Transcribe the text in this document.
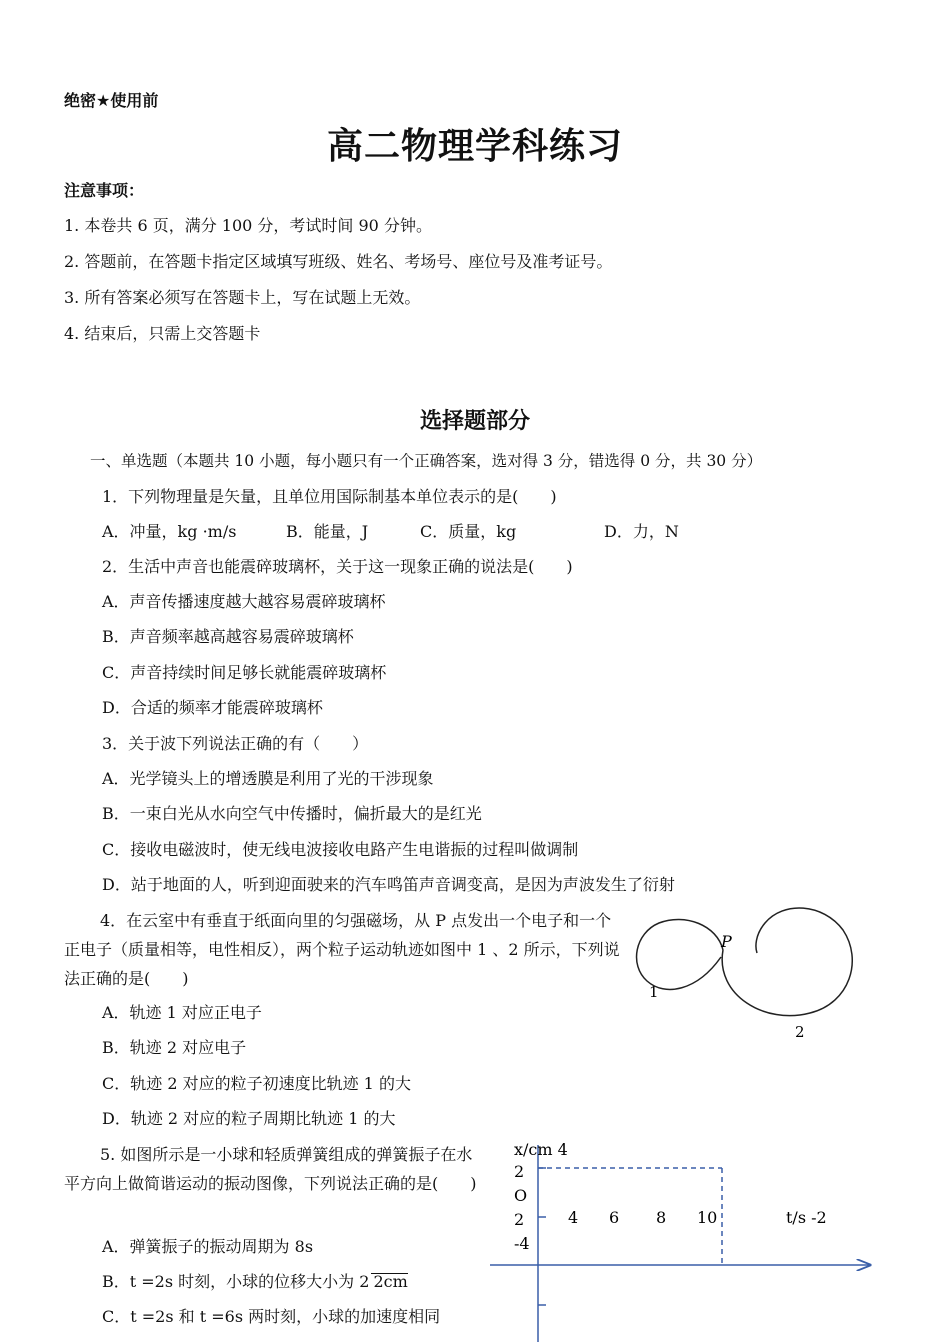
绝密★使用前
高二物理学科练习
注意事项：
1. 本卷共 6 页，满分 100 分，考试时间 90 分钟。
2. 答题前，在答题卡指定区域填写班级、姓名、考场号、座位号及准考证号。
3. 所有答案必须写在答题卡上，写在试题上无效。
4. 结束后，只需上交答题卡
选择题部分
一、单选题（本题共 10 小题，每小题只有一个正确答案，选对得 3 分，错选得 0 分，共 30 分）
1．下列物理量是矢量，且单位用国际制基本单位表示的是(　　)
A．冲量，kg ·m/s	B．能量，J	C．质量，kg	D．力，N
2．生活中声音也能震碎玻璃杯，关于这一现象正确的说法是(　　)
A．声音传播速度越大越容易震碎玻璃杯
B．声音频率越高越容易震碎玻璃杯
C．声音持续时间足够长就能震碎玻璃杯
D．合适的频率才能震碎玻璃杯
3．关于波下列说法正确的有（　　）
A．光学镜头上的增透膜是利用了光的干涉现象
B．一束白光从水向空气中传播时，偏折最大的是红光
C．接收电磁波时，使无线电波接收电路产生电谐振的过程叫做调制
D．站于地面的人，听到迎面驶来的汽车鸣笛声音调变高，是因为声波发生了衍射
4．在云室中有垂直于纸面向里的匀强磁场，从 P 点发出一个电子和一个正电子（质量相等，电性相反），两个粒子运动轨迹如图中 1 、2 所示，下列说法正确的是(　　)
A．轨迹 1 对应正电子
B．轨迹 2 对应电子
C．轨迹 2 对应的粒子初速度比轨迹 1 的大
D．轨迹 2 对应的粒子周期比轨迹 1 的大
P
1
2
5. 如图所示是一小球和轻质弹簧组成的弹簧振子在水平方向上做简谐运动的振动图像，下列说法正确的是(　　)
A．弹簧振子的振动周期为 8s
B．t =2s 时刻，小球的位移大小为 2 2cm
C．t =2s 和 t =6s 两时刻，小球的加速度相同
x/cm 4
2
O
2
-4
4 6 8 10	t/s -2
